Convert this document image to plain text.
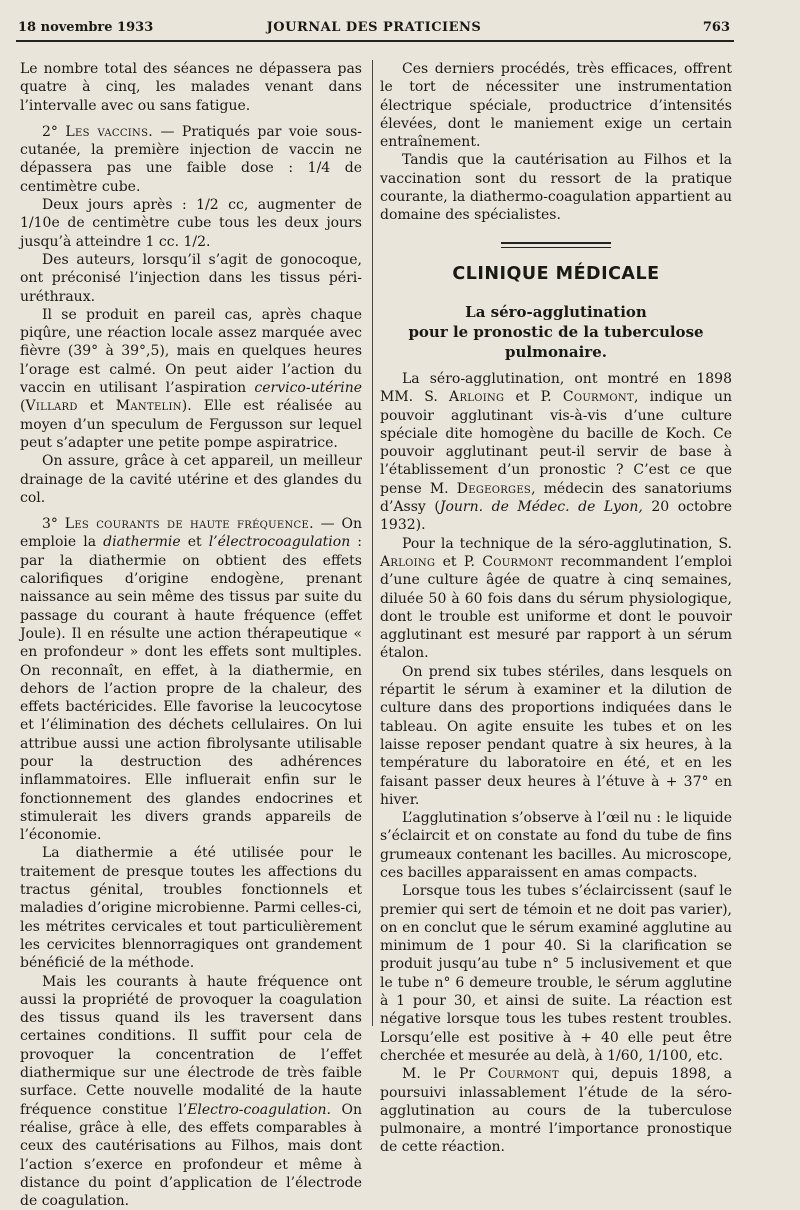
18 novembre 1933	JOURNAL DES PRATICIENS	763

Le nombre total des séances ne dépassera pas quatre à cinq, les malades venant dans l’intervalle avec ou sans fatigue.

2° Les vaccins. — Pratiqués par voie sous-cutanée, la première injection de vaccin ne dépassera pas une faible dose : 1/4 de centimètre cube.

Deux jours après : 1/2 cc, augmenter de 1/10e de centimètre cube tous les deux jours jusqu’à atteindre 1 cc. 1/2.

Des auteurs, lorsqu’il s’agit de gonocoque, ont préconisé l’injection dans les tissus péri-uréthraux.

Il se produit en pareil cas, après chaque piqûre, une réaction locale assez marquée avec fièvre (39° à 39°,5), mais en quelques heures l’orage est calmé. On peut aider l’action du vaccin en utilisant l’aspiration cervico-utérine (Villard et Mantelin). Elle est réalisée au moyen d’un speculum de Fergusson sur lequel peut s’adapter une petite pompe aspiratrice.

On assure, grâce à cet appareil, un meilleur drainage de la cavité utérine et des glandes du col.

3° Les courants de haute fréquence. — On emploie la diathermie et l’électrocoagulation : par la diathermie on obtient des effets calorifiques d’origine endogène, prenant naissance au sein même des tissus par suite du passage du courant à haute fréquence (effet Joule). Il en résulte une action thérapeutique « en profondeur » dont les effets sont multiples. On reconnaît, en effet, à la diathermie, en dehors de l’action propre de la chaleur, des effets bactéricides. Elle favorise la leucocytose et l’élimination des déchets cellulaires. On lui attribue aussi une action fibrolysante utilisable pour la destruction des adhérences inflammatoires. Elle influerait enfin sur le fonctionnement des glandes endocrines et stimulerait les divers grands appareils de l’économie.

La diathermie a été utilisée pour le traitement de presque toutes les affections du tractus génital, troubles fonctionnels et maladies d’origine microbienne. Parmi celles-ci, les métrites cervicales et tout particulièrement les cervicites blennorragiques ont grandement bénéficié de la méthode.

Mais les courants à haute fréquence ont aussi la propriété de provoquer la coagulation des tissus quand ils les traversent dans certaines conditions. Il suffit pour cela de provoquer la concentration de l’effet diathermique sur une électrode de très faible surface. Cette nouvelle modalité de la haute fréquence constitue l’Electro-coagulation. On réalise, grâce à elle, des effets comparables à ceux des cautérisations au Filhos, mais dont l’action s’exerce en profondeur et même à distance du point d’application de l’électrode de coagulation.

Ces derniers procédés, très efficaces, offrent le tort de nécessiter une instrumentation électrique spéciale, productrice d’intensités élevées, dont le maniement exige un certain entraînement.

Tandis que la cautérisation au Filhos et la vaccination sont du ressort de la pratique courante, la diathermo-coagulation appartient au domaine des spécialistes.

CLINIQUE MÉDICALE
La séro-agglutination
pour le pronostic de la tuberculose pulmonaire.

La séro-agglutination, ont montré en 1898 MM. S. Arloing et P. Courmont, indique un pouvoir agglutinant vis-à-vis d’une culture spéciale dite homogène du bacille de Koch. Ce pouvoir agglutinant peut-il servir de base à l’établissement d’un pronostic ? C’est ce que pense M. Degeorges, médecin des sanatoriums d’Assy (Journ. de Médec. de Lyon, 20 octobre 1932).

Pour la technique de la séro-agglutination, S. Arloing et P. Courmont recommandent l’emploi d’une culture âgée de quatre à cinq semaines, diluée 50 à 60 fois dans du sérum physiologique, dont le trouble est uniforme et dont le pouvoir agglutinant est mesuré par rapport à un sérum étalon.

On prend six tubes stériles, dans lesquels on répartit le sérum à examiner et la dilution de culture dans des proportions indiquées dans le tableau. On agite ensuite les tubes et on les laisse reposer pendant quatre à six heures, à la température du laboratoire en été, et en les faisant passer deux heures à l’étuve à + 37° en hiver.

L’agglutination s’observe à l’œil nu : le liquide s’éclaircit et on constate au fond du tube de fins grumeaux contenant les bacilles. Au microscope, ces bacilles apparaissent en amas compacts.

Lorsque tous les tubes s’éclaircissent (sauf le premier qui sert de témoin et ne doit pas varier), on en conclut que le sérum examiné agglutine au minimum de 1 pour 40. Si la clarification se produit jusqu’au tube n° 5 inclusivement et que le tube n° 6 demeure trouble, le sérum agglutine à 1 pour 30, et ainsi de suite. La réaction est négative lorsque tous les tubes restent troubles. Lorsqu’elle est positive à + 40 elle peut être cherchée et mesurée au delà, à 1/60, 1/100, etc.

M. le Pr Courmont qui, depuis 1898, a poursuivi inlassablement l’étude de la séro-agglutination au cours de la tuberculose pulmonaire, a montré l’importance pronostique de cette réaction.
